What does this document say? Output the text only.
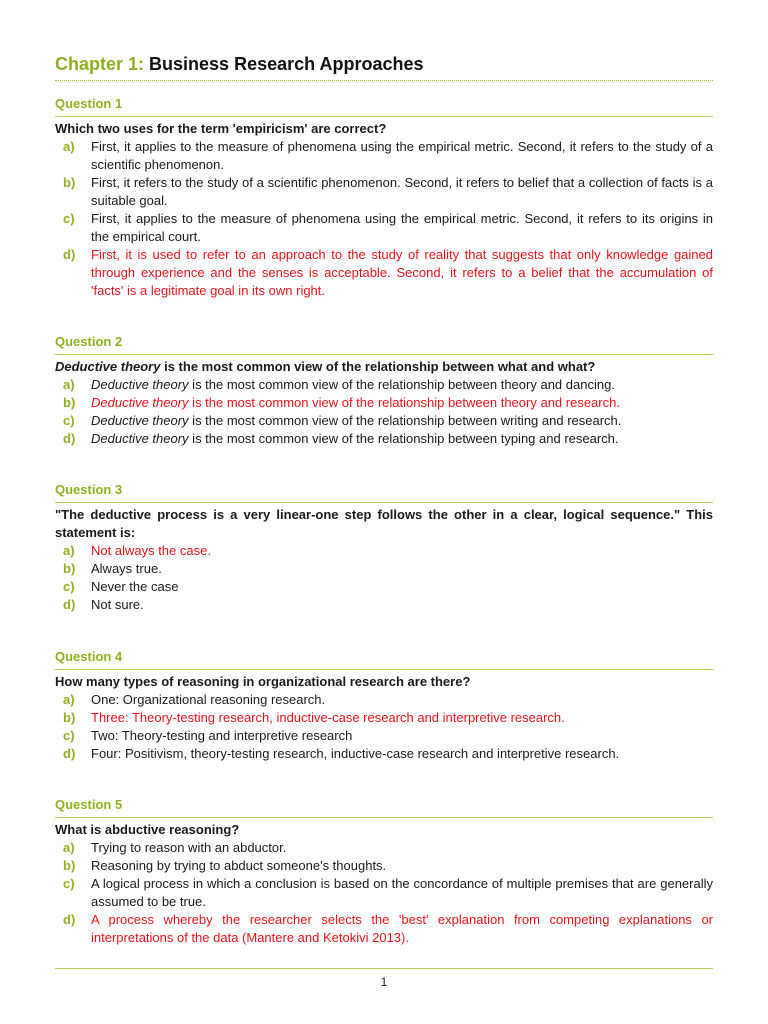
Chapter 1: Business Research Approaches
Question 1
Which two uses for the term 'empiricism' are correct?
a)	First, it applies to the measure of phenomena using the empirical metric. Second, it refers to the study of a scientific phenomenon.
b)	First, it refers to the study of a scientific phenomenon. Second, it refers to belief that a collection of facts is a suitable goal.
c)	First, it applies to the measure of phenomena using the empirical metric. Second, it refers to its origins in the empirical court.
d)	First, it is used to refer to an approach to the study of reality that suggests that only knowledge gained through experience and the senses is acceptable. Second, it refers to a belief that the accumulation of 'facts' is a legitimate goal in its own right.
Question 2
Deductive theory is the most common view of the relationship between what and what?
a)	Deductive theory is the most common view of the relationship between theory and dancing.
b)	Deductive theory is the most common view of the relationship between theory and research.
c)	Deductive theory is the most common view of the relationship between writing and research.
d)	Deductive theory is the most common view of the relationship between typing and research.
Question 3
"The deductive process is a very linear-one step follows the other in a clear, logical sequence." This statement is:
a)	Not always the case.
b)	Always true.
c)	Never the case
d)	Not sure.
Question 4
How many types of reasoning in organizational research are there?
a)	One: Organizational reasoning research.
b)	Three: Theory-testing research, inductive-case research and interpretive research.
c)	Two: Theory-testing and interpretive research
d)	Four: Positivism, theory-testing research, inductive-case research and interpretive research.
Question 5
What is abductive reasoning?
a)	Trying to reason with an abductor.
b)	Reasoning by trying to abduct someone's thoughts.
c)	A logical process in which a conclusion is based on the concordance of multiple premises that are generally assumed to be true.
d)	A process whereby the researcher selects the 'best' explanation from competing explanations or interpretations of the data (Mantere and Ketokivi 2013).
1
